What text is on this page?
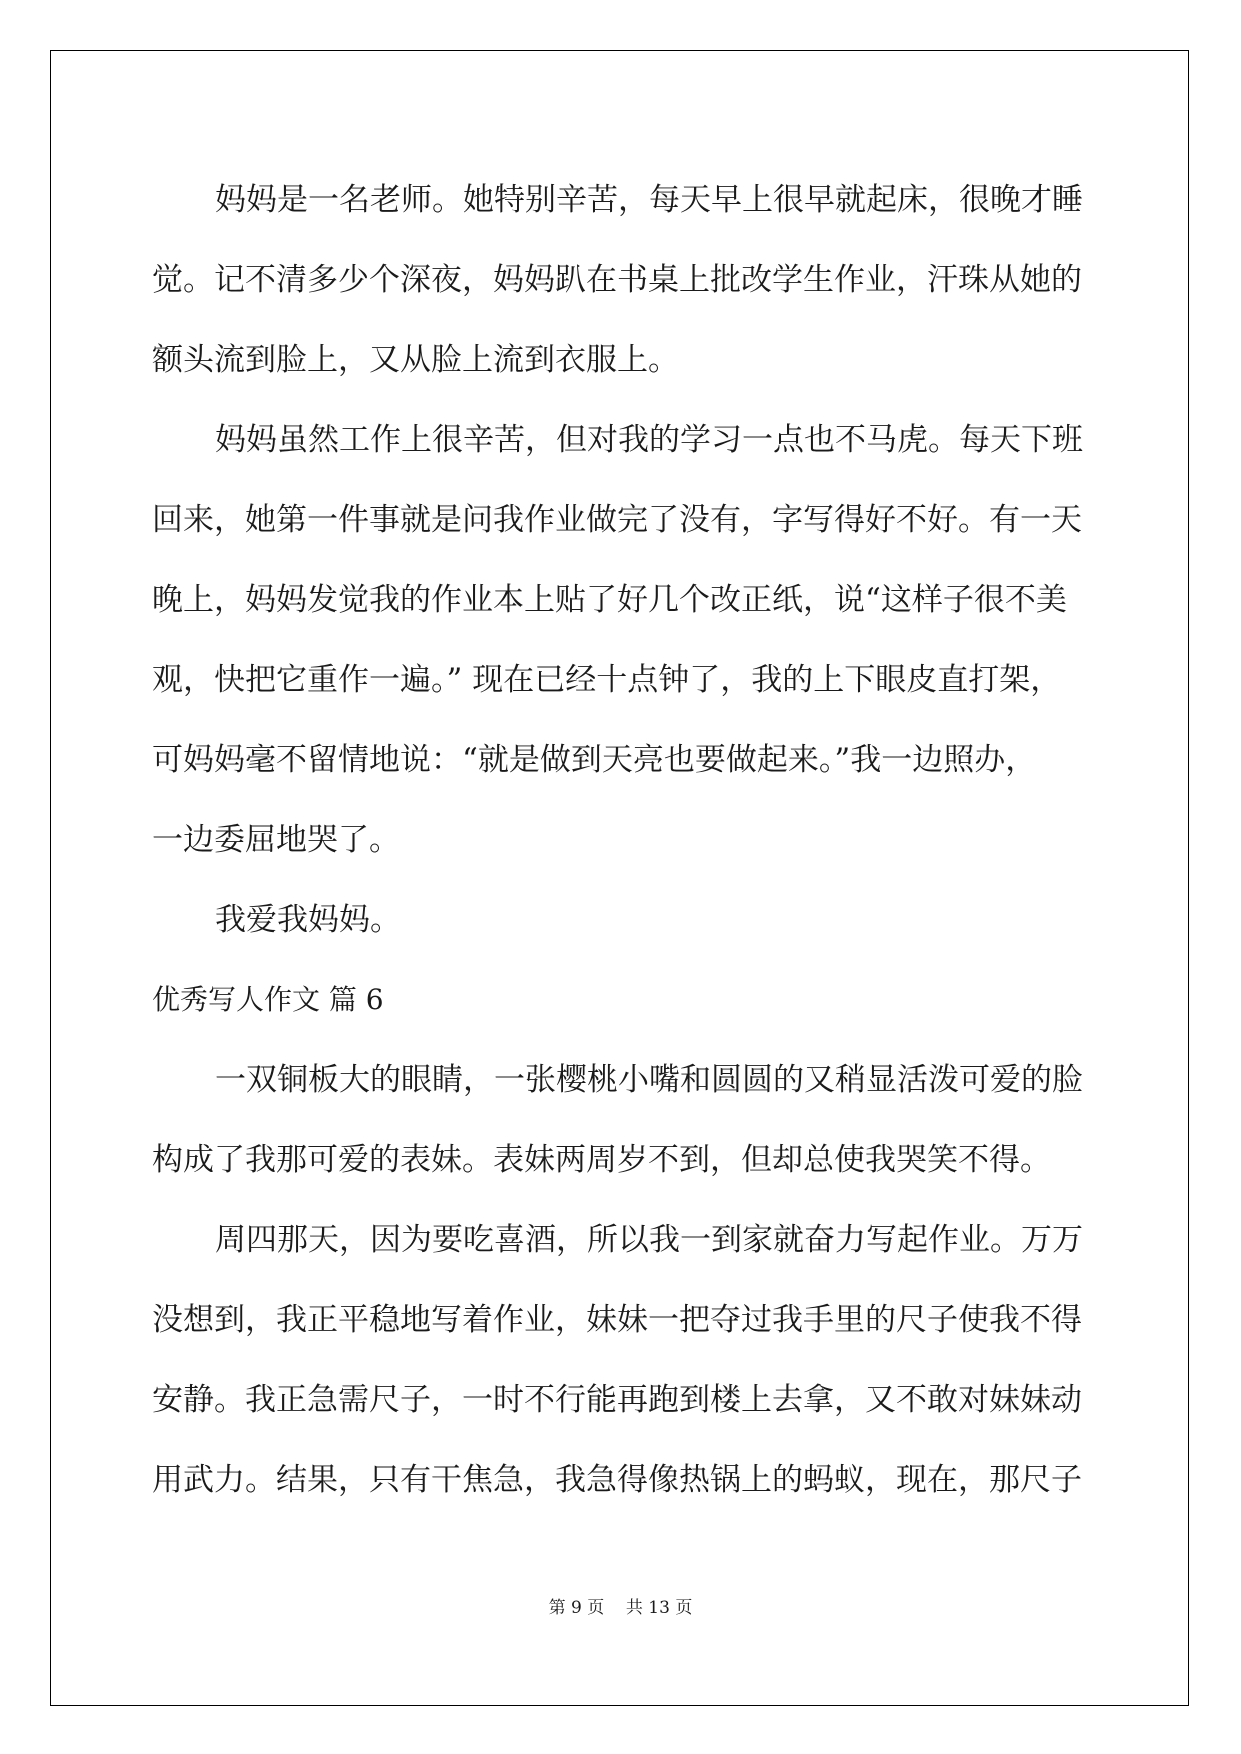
妈妈是一名老师。她特别辛苦，每天早上很早就起床，很晚才睡
觉。记不清多少个深夜，妈妈趴在书桌上批改学生作业，汗珠从她的
额头流到脸上，又从脸上流到衣服上。
妈妈虽然工作上很辛苦，但对我的学习一点也不马虎。每天下班
回来，她第一件事就是问我作业做完了没有，字写得好不好。有一天
晚上，妈妈发觉我的作业本上贴了好几个改正纸，说“这样子很不美
观，快把它重作一遍。” 现在已经十点钟了，我的上下眼皮直打架，
可妈妈毫不留情地说：“就是做到天亮也要做起来。”我一边照办，
一边委屈地哭了。
我爱我妈妈。
优秀写人作文 篇 6
一双铜板大的眼睛，一张樱桃小嘴和圆圆的又稍显活泼可爱的脸
构成了我那可爱的表妹。表妹两周岁不到，但却总使我哭笑不得。
周四那天，因为要吃喜酒，所以我一到家就奋力写起作业。万万
没想到，我正平稳地写着作业，妹妹一把夺过我手里的尺子使我不得
安静。我正急需尺子，一时不行能再跑到楼上去拿，又不敢对妹妹动
用武力。结果，只有干焦急，我急得像热锅上的蚂蚁，现在，那尺子
第 9 页    共 13 页
